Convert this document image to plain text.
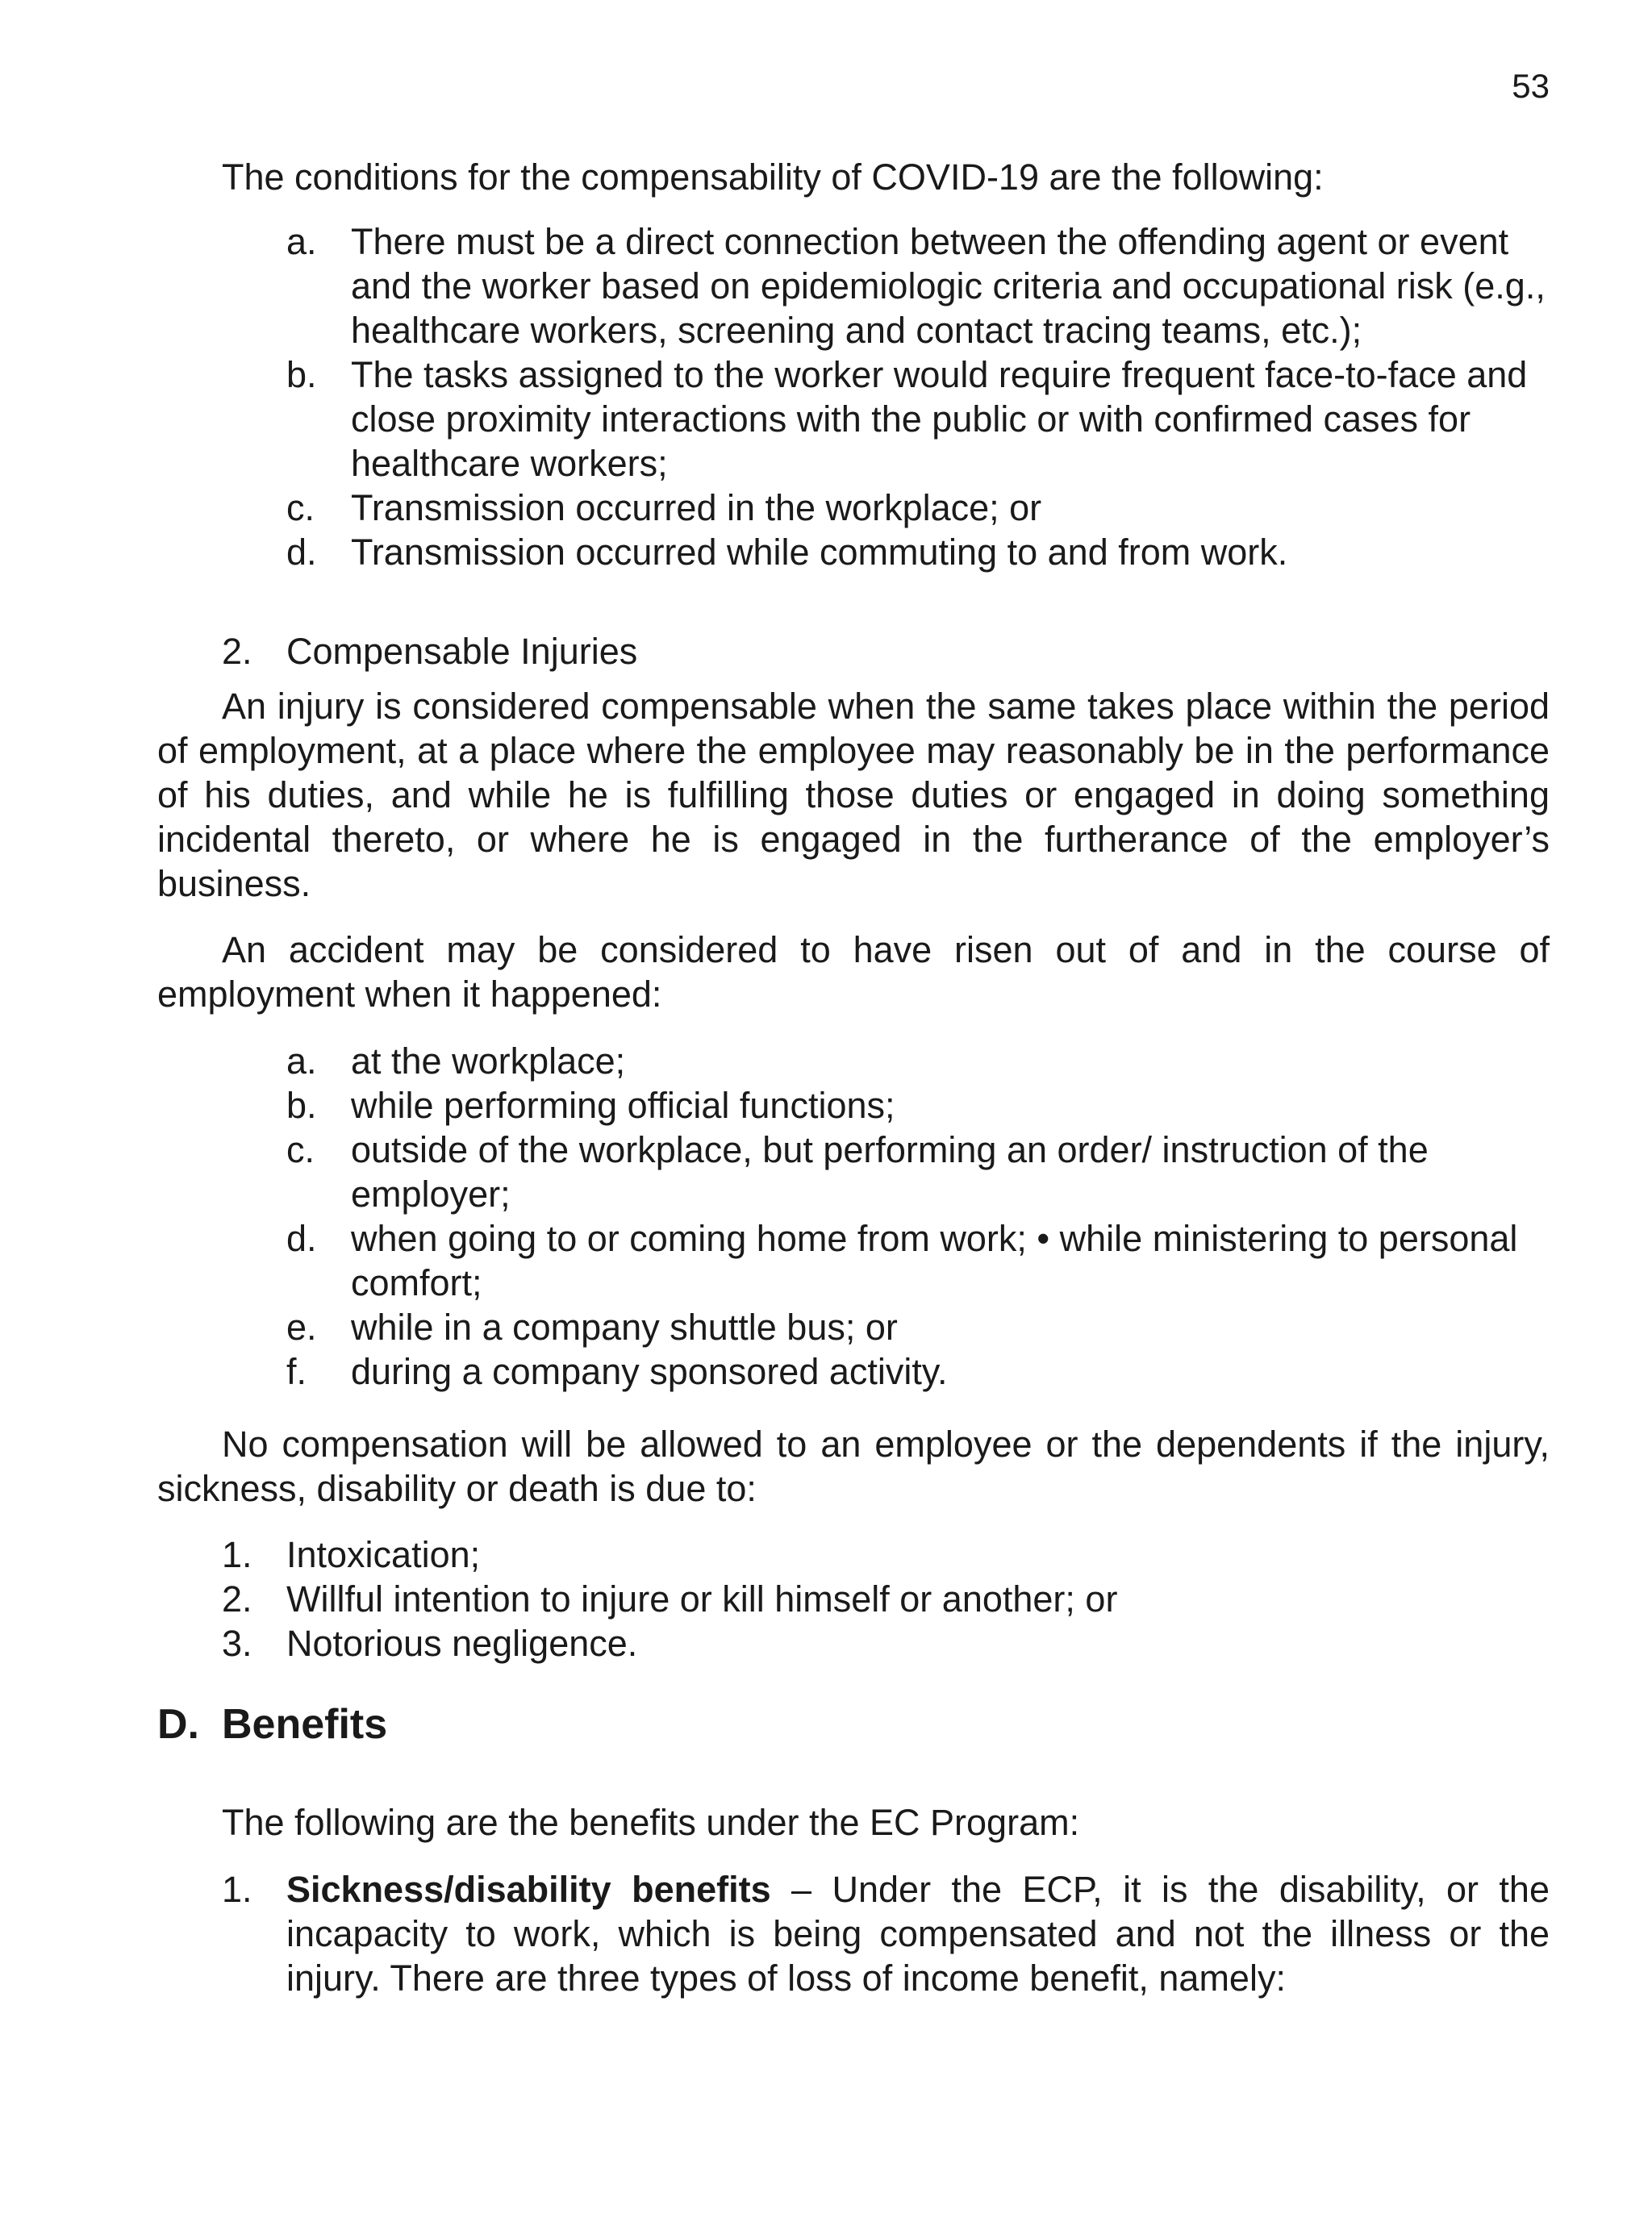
53
The conditions for the compensability of COVID-19 are the following:
a. There must be a direct connection between the offending agent or event and the worker based on epidemiologic criteria and occupational risk (e.g., healthcare workers, screening and contact tracing teams, etc.);
b. The tasks assigned to the worker would require frequent face-to-face and close proximity interactions with the public or with confirmed cases for healthcare workers;
c. Transmission occurred in the workplace; or
d. Transmission occurred while commuting to and from work.
2. Compensable Injuries
An injury is considered compensable when the same takes place within the period of employment, at a place where the employee may reasonably be in the performance of his duties, and while he is fulfilling those duties or engaged in doing something incidental thereto, or where he is engaged in the furtherance of the employer’s business.
An accident may be considered to have risen out of and in the course of employment when it happened:
a. at the workplace;
b. while performing official functions;
c. outside of the workplace, but performing an order/ instruction of the employer;
d. when going to or coming home from work; • while ministering to personal comfort;
e. while in a company shuttle bus; or
f. during a company sponsored activity.
No compensation will be allowed to an employee or the dependents if the injury, sickness, disability or death is due to:
1. Intoxication;
2. Willful intention to injure or kill himself or another; or
3. Notorious negligence.
D. Benefits
The following are the benefits under the EC Program:
1. Sickness/disability benefits – Under the ECP, it is the disability, or the incapacity to work, which is being compensated and not the illness or the injury. There are three types of loss of income benefit, namely:
